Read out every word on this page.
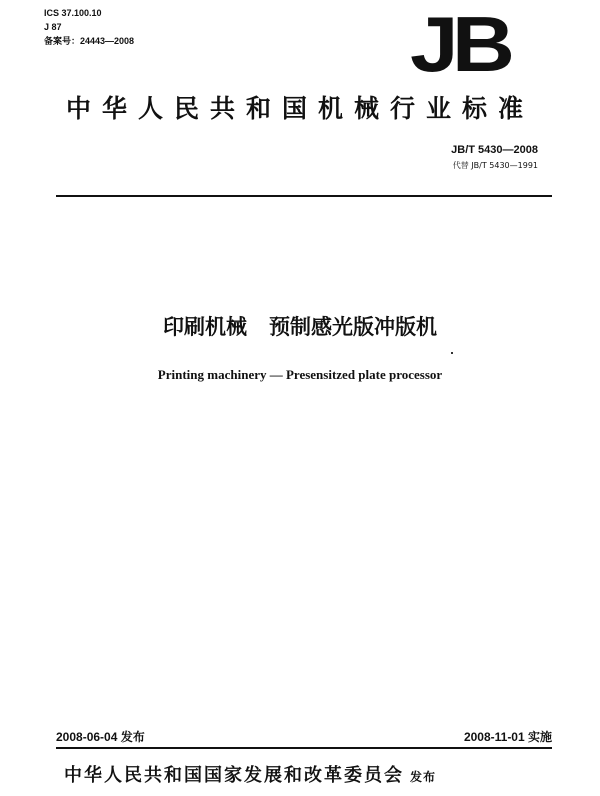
ICS 37.100.10
J 87
备案号：24443—2008	JB
中华人民共和国机械行业标准
JB/T 5430—2008
代替 JB/T 5430—1991
印刷机械   预制感光版冲版机
Printing machinery — Presensitzed plate processor
2008-06-04 发布	2008-11-01 实施
中华人民共和国国家发展和改革委员会 发布
